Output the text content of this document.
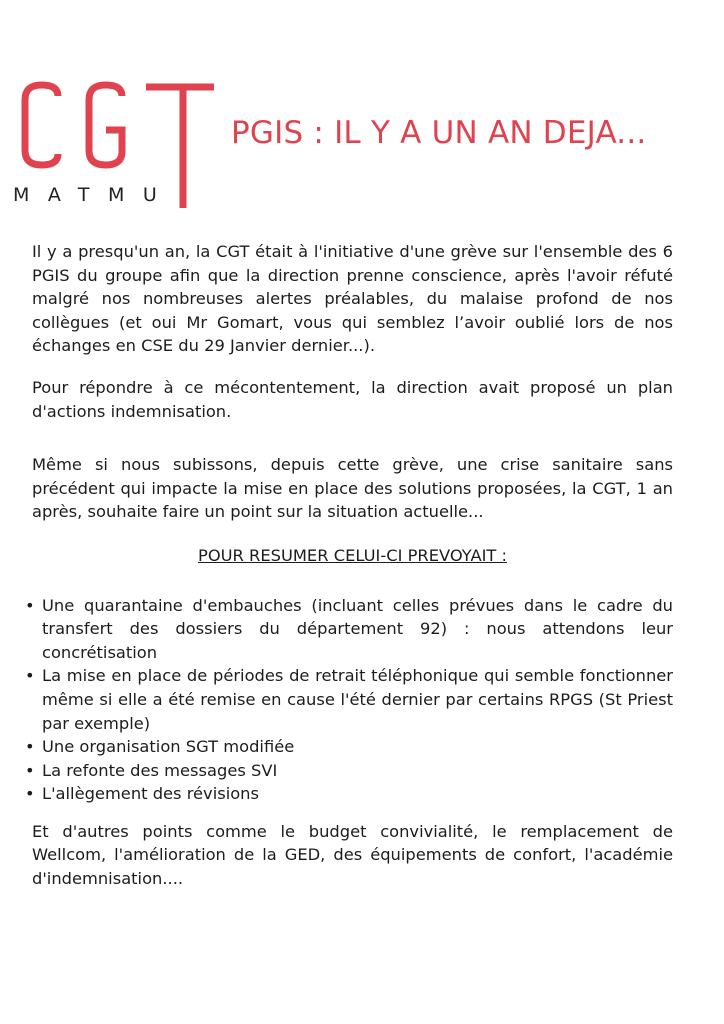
MATMU
PGIS : IL Y A UN AN DEJA...

Il y a presqu'un an, la CGT était à l'initiative d'une grève sur l'ensemble des 6 PGIS du groupe afin que la direction prenne conscience, après l'avoir réfuté malgré nos nombreuses alertes préalables, du malaise profond de nos collègues (et oui Mr Gomart, vous qui semblez l’avoir oublié lors de nos échanges en CSE du 29 Janvier dernier...).

Pour répondre à ce mécontentement, la direction avait proposé un plan d'actions indemnisation.

Même si nous subissons, depuis cette grève, une crise sanitaire sans précédent qui impacte la mise en place des solutions proposées, la CGT, 1 an après, souhaite faire un point sur la situation actuelle...

POUR RESUMER CELUI-CI PREVOYAIT :
• Une quarantaine d'embauches (incluant celles prévues dans le cadre du transfert des dossiers du département 92) : nous attendons leur concrétisation
• La mise en place de périodes de retrait téléphonique qui semble fonctionner même si elle a été remise en cause l'été dernier par certains RPGS (St Priest par exemple)
• Une organisation SGT modifiée
• La refonte des messages SVI
• L'allègement des révisions

Et d'autres points comme le budget convivialité, le remplacement de Wellcom, l'amélioration de la GED, des équipements de confort, l'académie d'indemnisation....
